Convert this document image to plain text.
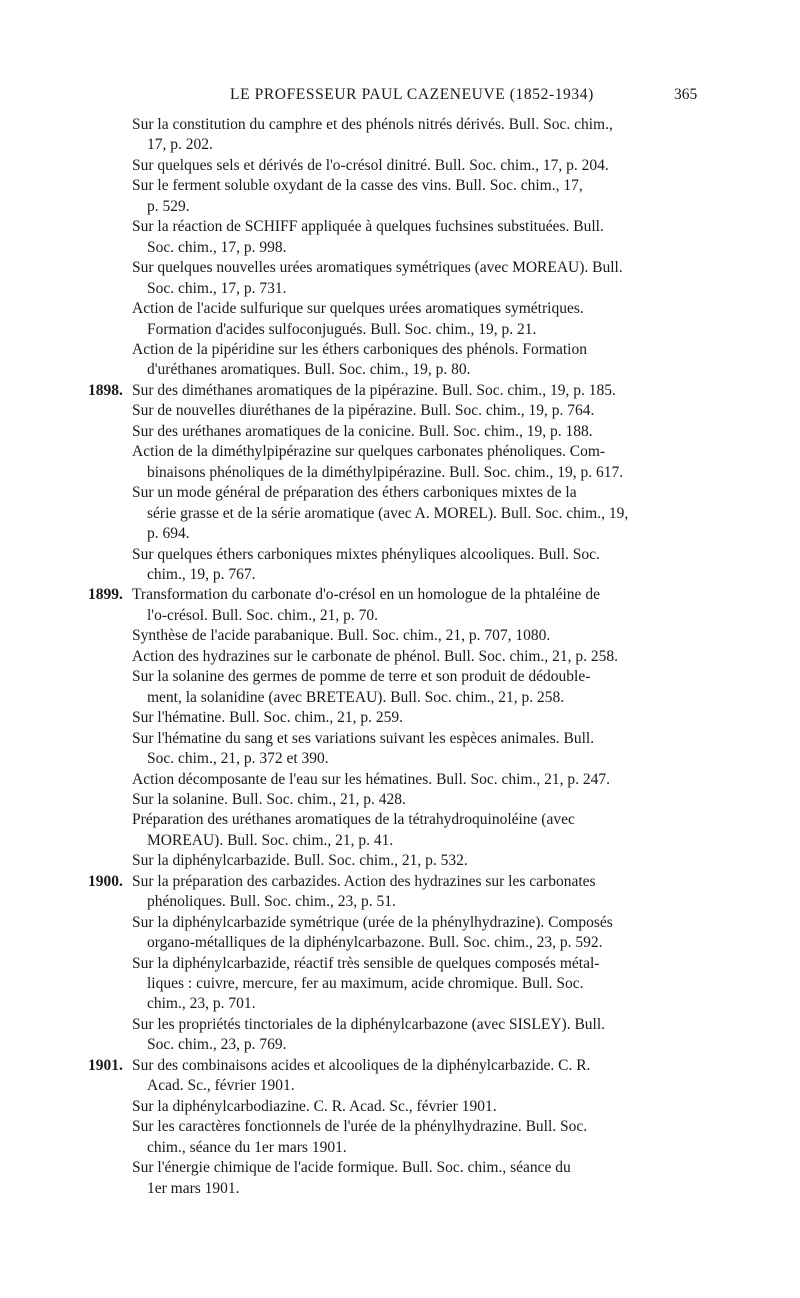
LE PROFESSEUR PAUL CAZENEUVE (1852-1934)	365
Sur la constitution du camphre et des phénols nitrés dérivés. Bull. Soc. chim.,
17, p. 202.
Sur quelques sels et dérivés de l'o-crésol dinitré. Bull. Soc. chim., 17, p. 204.
Sur le ferment soluble oxydant de la casse des vins. Bull. Soc. chim., 17,
p. 529.
Sur la réaction de SCHIFF appliquée à quelques fuchsines substituées. Bull.
Soc. chim., 17, p. 998.
Sur quelques nouvelles urées aromatiques symétriques (avec MOREAU). Bull.
Soc. chim., 17, p. 731.
Action de l'acide sulfurique sur quelques urées aromatiques symétriques.
Formation d'acides sulfoconjugués. Bull. Soc. chim., 19, p. 21.
Action de la pipéridine sur les éthers carboniques des phénols. Formation
d'uréthanes aromatiques. Bull. Soc. chim., 19, p. 80.
1898. Sur des diméthanes aromatiques de la pipérazine. Bull. Soc. chim., 19, p. 185.
Sur de nouvelles diuréthanes de la pipérazine. Bull. Soc. chim., 19, p. 764.
Sur des uréthanes aromatiques de la conicine. Bull. Soc. chim., 19, p. 188.
Action de la diméthylpipérazine sur quelques carbonates phénoliques. Com-
binaisons phénoliques de la diméthylpipérazine. Bull. Soc. chim., 19, p. 617.
Sur un mode général de préparation des éthers carboniques mixtes de la
série grasse et de la série aromatique (avec A. MOREL). Bull. Soc. chim., 19,
p. 694.
Sur quelques éthers carboniques mixtes phényliques alcooliques. Bull. Soc.
chim., 19, p. 767.
1899. Transformation du carbonate d'o-crésol en un homologue de la phtaléine de
l'o-crésol. Bull. Soc. chim., 21, p. 70.
Synthèse de l'acide parabanique. Bull. Soc. chim., 21, p. 707, 1080.
Action des hydrazines sur le carbonate de phénol. Bull. Soc. chim., 21, p. 258.
Sur la solanine des germes de pomme de terre et son produit de dédouble-
ment, la solanidine (avec BRETEAU). Bull. Soc. chim., 21, p. 258.
Sur l'hématine. Bull. Soc. chim., 21, p. 259.
Sur l'hématine du sang et ses variations suivant les espèces animales. Bull.
Soc. chim., 21, p. 372 et 390.
Action décomposante de l'eau sur les hématines. Bull. Soc. chim., 21, p. 247.
Sur la solanine. Bull. Soc. chim., 21, p. 428.
Préparation des uréthanes aromatiques de la tétrahydroquinoléine (avec
MOREAU). Bull. Soc. chim., 21, p. 41.
Sur la diphénylcarbazide. Bull. Soc. chim., 21, p. 532.
1900. Sur la préparation des carbazides. Action des hydrazines sur les carbonates
phénoliques. Bull. Soc. chim., 23, p. 51.
Sur la diphénylcarbazide symétrique (urée de la phénylhydrazine). Composés
organo-métalliques de la diphénylcarbazone. Bull. Soc. chim., 23, p. 592.
Sur la diphénylcarbazide, réactif très sensible de quelques composés métal-
liques : cuivre, mercure, fer au maximum, acide chromique. Bull. Soc.
chim., 23, p. 701.
Sur les propriétés tinctoriales de la diphénylcarbazone (avec SISLEY). Bull.
Soc. chim., 23, p. 769.
1901. Sur des combinaisons acides et alcooliques de la diphénylcarbazide. C. R.
Acad. Sc., février 1901.
Sur la diphénylcarbodiazine. C. R. Acad. Sc., février 1901.
Sur les caractères fonctionnels de l'urée de la phénylhydrazine. Bull. Soc.
chim., séance du 1er mars 1901.
Sur l'énergie chimique de l'acide formique. Bull. Soc. chim., séance du
1er mars 1901.
